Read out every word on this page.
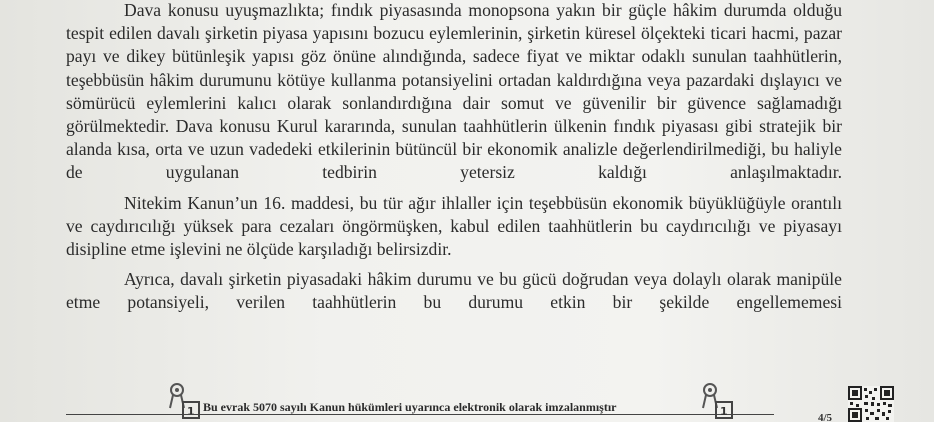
Dava konusu uyuşmazlıkta; fındık piyasasında monopsona yakın bir güçle hâkim durumda olduğu tespit edilen davalı şirketin piyasa yapısını bozucu eylemlerinin, şirketin küresel ölçekteki ticari hacmi, pazar payı ve dikey bütünleşik yapısı göz önüne alındığında, sadece fiyat ve miktar odaklı sunulan taahhütlerin, teşebbüsün hâkim durumunu kötüye kullanma potansiyelini ortadan kaldırdığına veya pazardaki dışlayıcı ve sömürücü eylemlerini kalıcı olarak sonlandırdığına dair somut ve güvenilir bir güvence sağlamadığı görülmektedir. Dava konusu Kurul kararında, sunulan taahhütlerin ülkenin fındık piyasası gibi stratejik bir alanda kısa, orta ve uzun vadedeki etkilerinin bütüncül bir ekonomik analizle değerlendirilmediği, bu haliyle de uygulanan tedbirin yetersiz	kaldığı anlaşılmaktadır.

Nitekim Kanun’un 16. maddesi, bu tür ağır ihlaller için teşebbüsün ekonomik büyüklüğüyle orantılı ve caydırıcılığı yüksek para cezaları öngörmüşken, kabul edilen taahhütlerin bu caydırıcılığı ve piyasayı disipline etme işlevini ne ölçüde karşıladığı belirsizdir.

Ayrıca, davalı şirketin piyasadaki hâkim durumu ve bu gücü doğrudan veya dolaylı olarak manipüle etme potansiyeli, verilen taahhütlerin bu durumu etkin bir şekilde engellememesi

1 Bu evrak 5070 sayılı Kanun hükümleri uyarınca elektronik olarak imzalanmıştır	1	4/5
